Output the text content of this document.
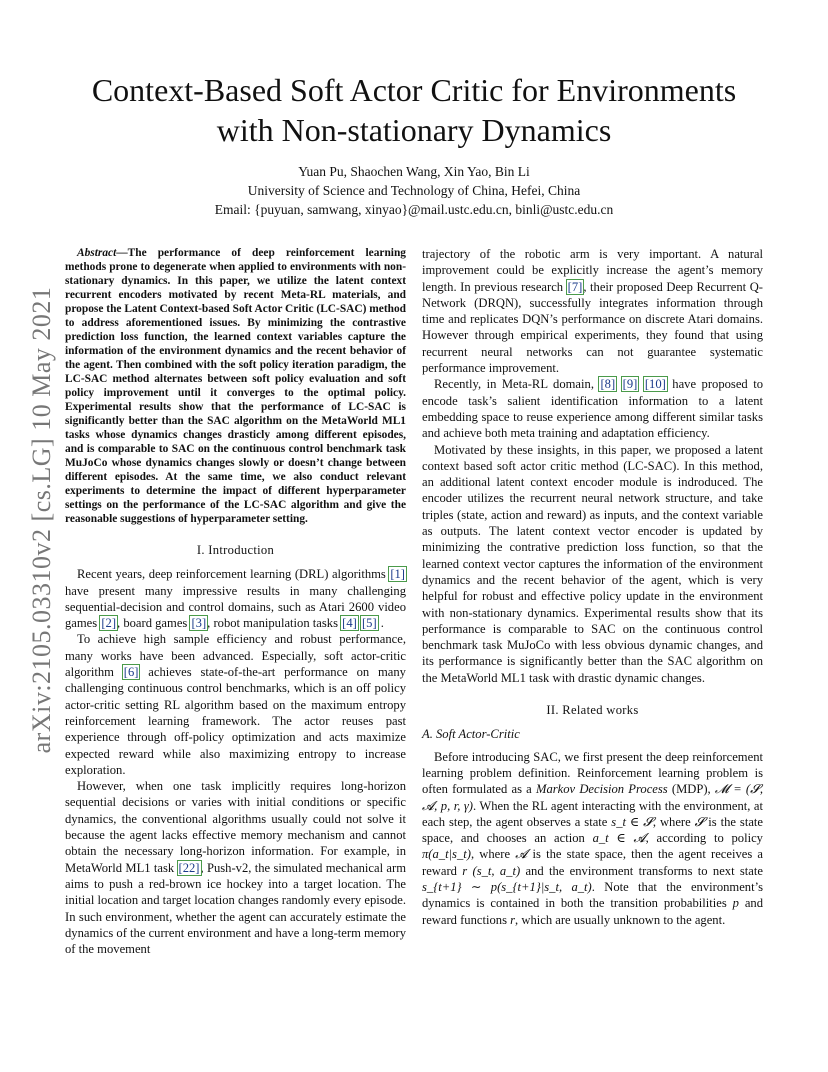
arXiv:2105.03310v2 [cs.LG] 10 May 2021
Context-Based Soft Actor Critic for Environments with Non-stationary Dynamics
Yuan Pu, Shaochen Wang, Xin Yao, Bin Li
University of Science and Technology of China, Hefei, China
Email: {puyuan, samwang, xinyao}@mail.ustc.edu.cn, binli@ustc.edu.cn

Abstract—The performance of deep reinforcement learning methods prone to degenerate when applied to environments with non-stationary dynamics. In this paper, we utilize the latent context recurrent encoders motivated by recent Meta-RL materials, and propose the Latent Context-based Soft Actor Critic (LC-SAC) method to address aforementioned issues. By minimizing the contrastive prediction loss function, the learned context variables capture the information of the environment dynamics and the recent behavior of the agent. Then combined with the soft policy iteration paradigm, the LC-SAC method alternates between soft policy evaluation and soft policy improvement until it converges to the optimal policy. Experimental results show that the performance of LC-SAC is significantly better than the SAC algorithm on the MetaWorld ML1 tasks whose dynamics changes drasticly among different episodes, and is comparable to SAC on the continuous control benchmark task MuJoCo whose dynamics changes slowly or doesn’t change between different episodes. At the same time, we also conduct relevant experiments to determine the impact of different hyperparameter settings on the performance of the LC-SAC algorithm and give the reasonable suggestions of hyperparameter setting.

I. Introduction

Recent years, deep reinforcement learning (DRL) algorithms [1] have present many impressive results in many challenging sequential-decision and control domains, such as Atari 2600 video games [2], board games [3], robot manipulation tasks [4] [5] .

To achieve high sample efficiency and robust performance, many works have been advanced. Especially, soft actor-critic algorithm [6] achieves state-of-the-art performance on many challenging continuous control benchmarks, which is an off policy actor-critic setting RL algorithm based on the maximum entropy reinforcement learning framework. The actor reuses past experience through off-policy optimization and acts maximize expected reward while also maximizing entropy to increase exploration.

However, when one task implicitly requires long-horizon sequential decisions or varies with initial conditions or specific dynamics, the conventional algorithms usually could not solve it because the agent lacks effective memory mechanism and cannot obtain the necessary long-horizon information. For example, in MetaWorld ML1 task [22], Push-v2, the simulated mechanical arm aims to push a red-brown ice hockey into a target location. The initial location and target location changes randomly every episode. In such environment, whether the agent can accurately estimate the dynamics of the current environment and have a long-term memory of the movement

trajectory of the robotic arm is very important. A natural improvement could be explicitly increase the agent’s memory length. In previous research [7], their proposed Deep Recurrent Q-Network (DRQN), successfully integrates information through time and replicates DQN’s performance on discrete Atari domains. However through empirical experiments, they found that using recurrent neural networks can not guarantee systematic performance improvement.

Recently, in Meta-RL domain, [8] [9] [10] have proposed to encode task’s salient identification information to a latent embedding space to reuse experience among different similar tasks and achieve both meta training and adaptation efficiency.

Motivated by these insights, in this paper, we proposed a latent context based soft actor critic method (LC-SAC). In this method, an additional latent context encoder module is indroduced. The encoder utilizes the recurrent neural network structure, and take triples (state, action and reward) as inputs, and the context variable as outputs. The latent context vector encoder is updated by minimizing the contrative prediction loss function, so that the learned context vector captures the information of the environment dynamics and the recent behavior of the agent, which is very helpful for robust and effective policy update in the environment with non-stationary dynamics. Experimental results show that its performance is comparable to SAC on the continuous control benchmark task MuJoCo with less obvious dynamic changes, and its performance is significantly better than the SAC algorithm on the MetaWorld ML1 task with drastic dynamic changes.

II. Related works
A. Soft Actor-Critic

Before introducing SAC, we first present the deep reinforcement learning problem definition. Reinforcement learning problem is often formulated as a Markov Decision Process (MDP), 𝓜 = (𝓢, 𝓐, p, r, γ). When the RL agent interacting with the environment, at each step, the agent observes a state s_t ∈ 𝓢, where 𝓢 is the state space, and chooses an action a_t ∈ 𝓐, according to policy π(a_t|s_t), where 𝓐 is the state space, then the agent receives a reward r (s_t, a_t) and the environment transforms to next state s_{t+1} ∼ p(s_{t+1}|s_t, a_t). Note that the environment’s dynamics is contained in both the transition probabilities p and reward functions r, which are usually unknown to the agent.
